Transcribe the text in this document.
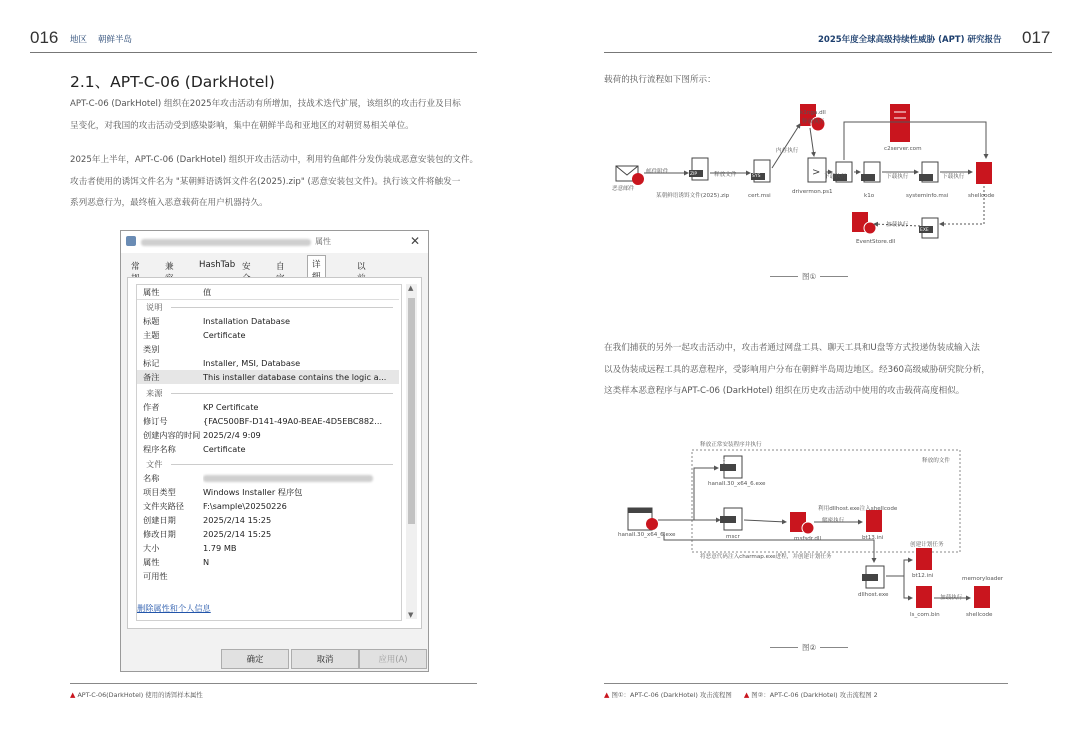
016 地区 朝鲜半岛
2.1、APT-C-06 (DarkHotel)
APT-C-06 (DarkHotel) 组织在2025年攻击活动有所增加，技战术迭代扩展，该组织的攻击行业及目标
呈变化，对我国的攻击活动受到感染影响，集中在朝鲜半岛和亚地区的对朝贸易相关单位。
2025年上半年，APT-C-06 (DarkHotel) 组织开攻击活动中，利用钓鱼邮件分发伪装成恶意安装包的文件。
攻击者使用的诱饵文件名为 "某朝鲜语诱饵文件名(2025).zip" (恶意安装包文件)。执行该文件将触发一
系列恶意行为，最终植入恶意载荷在用户机器持久。
属性	✕
常	兼	HashTab 安	自	详	以
属性	值
说明
标题	Installation Database
主题	Certificate
类别
标记	Installer, MSI, Database
备注	This installer database contains the logic a...
来源
作者	KP Certificate
修订号	{FAC500BF-D141-49A0-BEAE-4D5EBC882...
创建内容的时间 2025/2/4 9:09
程序名称	Certificate
文件
名称
项目类型	Windows Installer 程序包
文件夹路径 F:\sample\20250226
创建日期	2025/2/14 15:25
修改日期	2025/2/14 15:25
大小	1.79 MB
属性	N
可用性
▲
▼
删除属性和个人信息
确定	取消	应用(A)
▲ APT-C-06(DarkHotel) 使用的诱饵样本属性
2025年度全球高级持续性威胁 (APT) 研究报告 017
载荷的执行流程如下图所示：
>
恶意邮件
邮件附件
某朝鲜语诱饵文件(2025).zip
释放文件
cert.msi
内存执行
k1nga.dll
释放执行
drivermon.ps1
下载执行
k1o
下载执行
systeminfo.msi
下载执行
shellcode
c2server.com
EventStore.dll
加载执行
ZIP	SYS
EXE
图①
在我们捕获的另外一起攻击活动中，攻击者通过网盘工具、聊天工具和U盘等方式投递伪装成输入法
以及伪装成远程工具的恶意程序，受影响用户分布在朝鲜半岛周边地区。经360高级威胁研究院分析，
这类样本恶意程序与APT-C-06 (DarkHotel) 组织在历史攻击活动中使用的攻击载荷高度相似。
释放正常安装程序并执行
释放的文件
hanaII.30_x64_6.exe
hanaII.30_x64_6.exe	mscr	msfsdr.dll
利用dllhost.exe注入shellcode
解密执行
bt13.ini
将恶意代码注入charmap.exe进程，并创建计划任务
创建计划任务
bt12.ini
dllhost.exe	加载执行
ls_com.bin	shellcode
memoryloader
EXE
图②
▲ 图①：APT-C-06 (DarkHotel) 攻击流程图 ▲ 图②：APT-C-06 (DarkHotel) 攻击流程图 2
